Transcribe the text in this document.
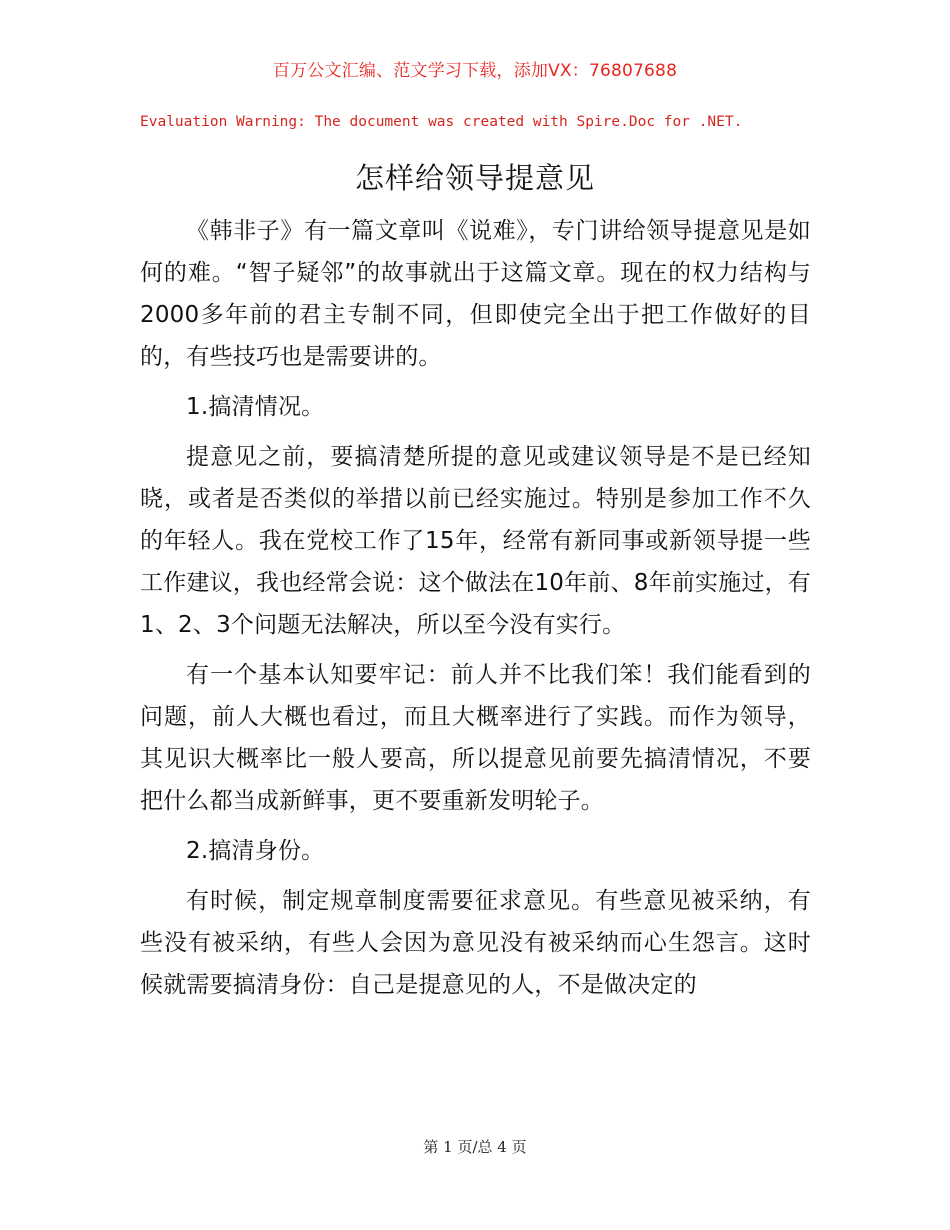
百万公文汇编、范文学习下载，添加VX：76807688
Evaluation Warning: The document was created with Spire.Doc for .NET.
怎样给领导提意见

《韩非子》有一篇文章叫《说难》，专门讲给领导提意见是如何的难。“智子疑邻”的故事就出于这篇文章。现在的权力结构与2000多年前的君主专制不同，但即使完全出于把工作做好的目的，有些技巧也是需要讲的。

1.搞清情况。

提意见之前，要搞清楚所提的意见或建议领导是不是已经知晓，或者是否类似的举措以前已经实施过。特别是参加工作不久的年轻人。我在党校工作了15年，经常有新同事或新领导提一些工作建议，我也经常会说：这个做法在10年前、8年前实施过，有1、2、3个问题无法解决，所以至今没有实行。

有一个基本认知要牢记：前人并不比我们笨！我们能看到的问题，前人大概也看过，而且大概率进行了实践。而作为领导，其见识大概率比一般人要高，所以提意见前要先搞清情况，不要把什么都当成新鲜事，更不要重新发明轮子。

2.搞清身份。

有时候，制定规章制度需要征求意见。有些意见被采纳，有些没有被采纳，有些人会因为意见没有被采纳而心生怨言。这时候就需要搞清身份：自己是提意见的人，不是做决定的

第 1 页/总 4 页
